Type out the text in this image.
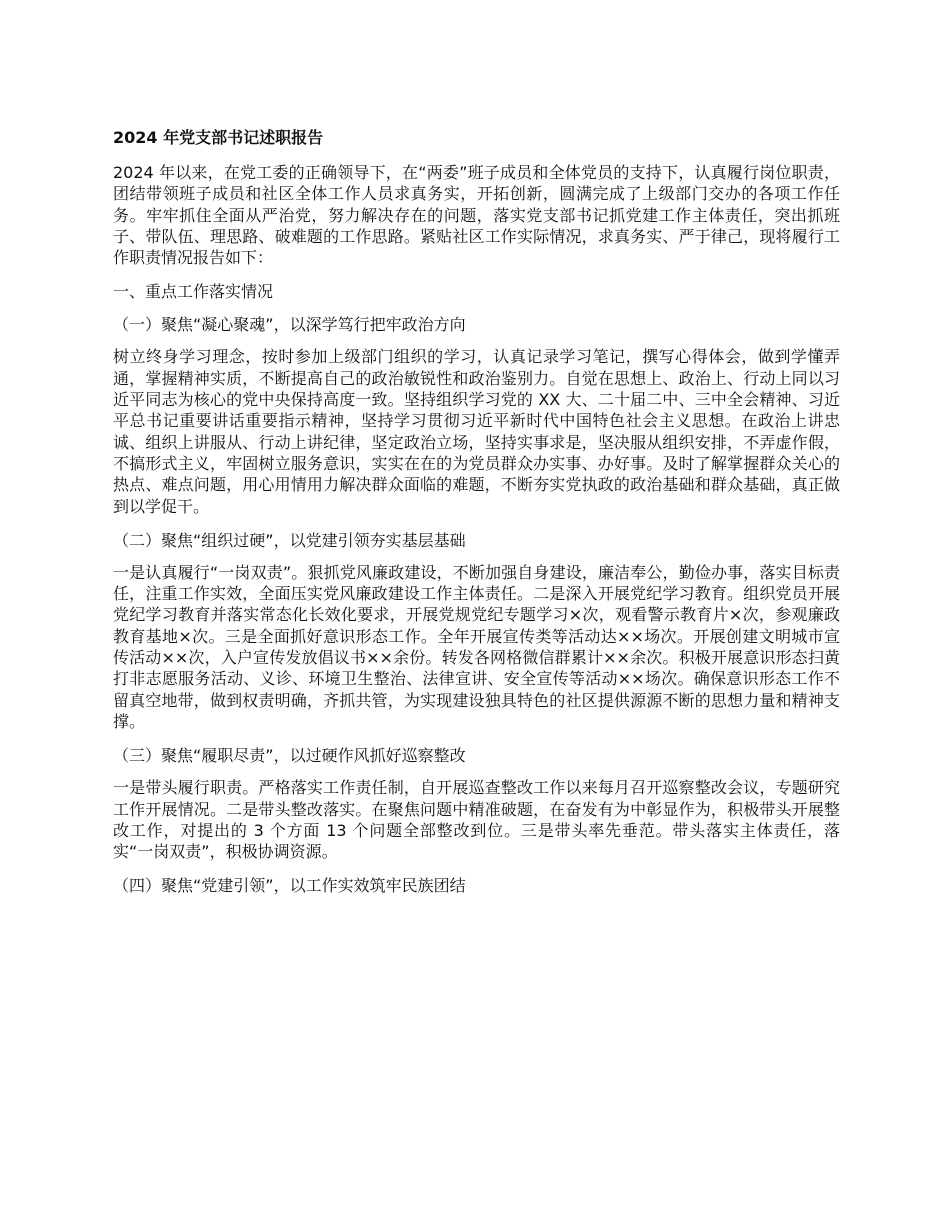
2024 年党支部书记述职报告
2024 年以来，在党工委的正确领导下，在“两委”班子成员和全体党员的支持下，认真履行岗位职责，团结带领班子成员和社区全体工作人员求真务实，开拓创新，圆满完成了上级部门交办的各项工作任务。牢牢抓住全面从严治党，努力解决存在的问题，落实党支部书记抓党建工作主体责任，突出抓班子、带队伍、理思路、破难题的工作思路。紧贴社区工作实际情况，求真务实、严于律己，现将履行工作职责情况报告如下：
一、重点工作落实情况
（一）聚焦“凝心聚魂”，以深学笃行把牢政治方向
树立终身学习理念，按时参加上级部门组织的学习，认真记录学习笔记，撰写心得体会，做到学懂弄通，掌握精神实质，不断提高自己的政治敏锐性和政治鉴别力。自觉在思想上、政治上、行动上同以习近平同志为核心的党中央保持高度一致。坚持组织学习党的 XX 大、二十届二中、三中全会精神、习近平总书记重要讲话重要指示精神，坚持学习贯彻习近平新时代中国特色社会主义思想。在政治上讲忠诚、组织上讲服从、行动上讲纪律，坚定政治立场，坚持实事求是，坚决服从组织安排，不弄虚作假，不搞形式主义，牢固树立服务意识，实实在在的为党员群众办实事、办好事。及时了解掌握群众关心的热点、难点问题，用心用情用力解决群众面临的难题，不断夯实党执政的政治基础和群众基础，真正做到以学促干。
（二）聚焦“组织过硬”，以党建引领夯实基层基础
一是认真履行“一岗双责”。狠抓党风廉政建设，不断加强自身建设，廉洁奉公，勤俭办事，落实目标责任，注重工作实效，全面压实党风廉政建设工作主体责任。二是深入开展党纪学习教育。组织党员开展党纪学习教育并落实常态化长效化要求，开展党规党纪专题学习×次，观看警示教育片×次，参观廉政教育基地×次。三是全面抓好意识形态工作。全年开展宣传类等活动达××场次。开展创建文明城市宣传活动××次，入户宣传发放倡议书××余份。转发各网格微信群累计××余次。积极开展意识形态扫黄打非志愿服务活动、义诊、环境卫生整治、法律宣讲、安全宣传等活动××场次。确保意识形态工作不留真空地带，做到权责明确，齐抓共管，为实现建设独具特色的社区提供源源不断的思想力量和精神支撑。
（三）聚焦“履职尽责”，以过硬作风抓好巡察整改
一是带头履行职责。严格落实工作责任制，自开展巡查整改工作以来每月召开巡察整改会议，专题研究工作开展情况。二是带头整改落实。在聚焦问题中精准破题，在奋发有为中彰显作为，积极带头开展整改工作，对提出的 3 个方面 13 个问题全部整改到位。三是带头率先垂范。带头落实主体责任，落实“一岗双责”，积极协调资源。
（四）聚焦“党建引领”，以工作实效筑牢民族团结
